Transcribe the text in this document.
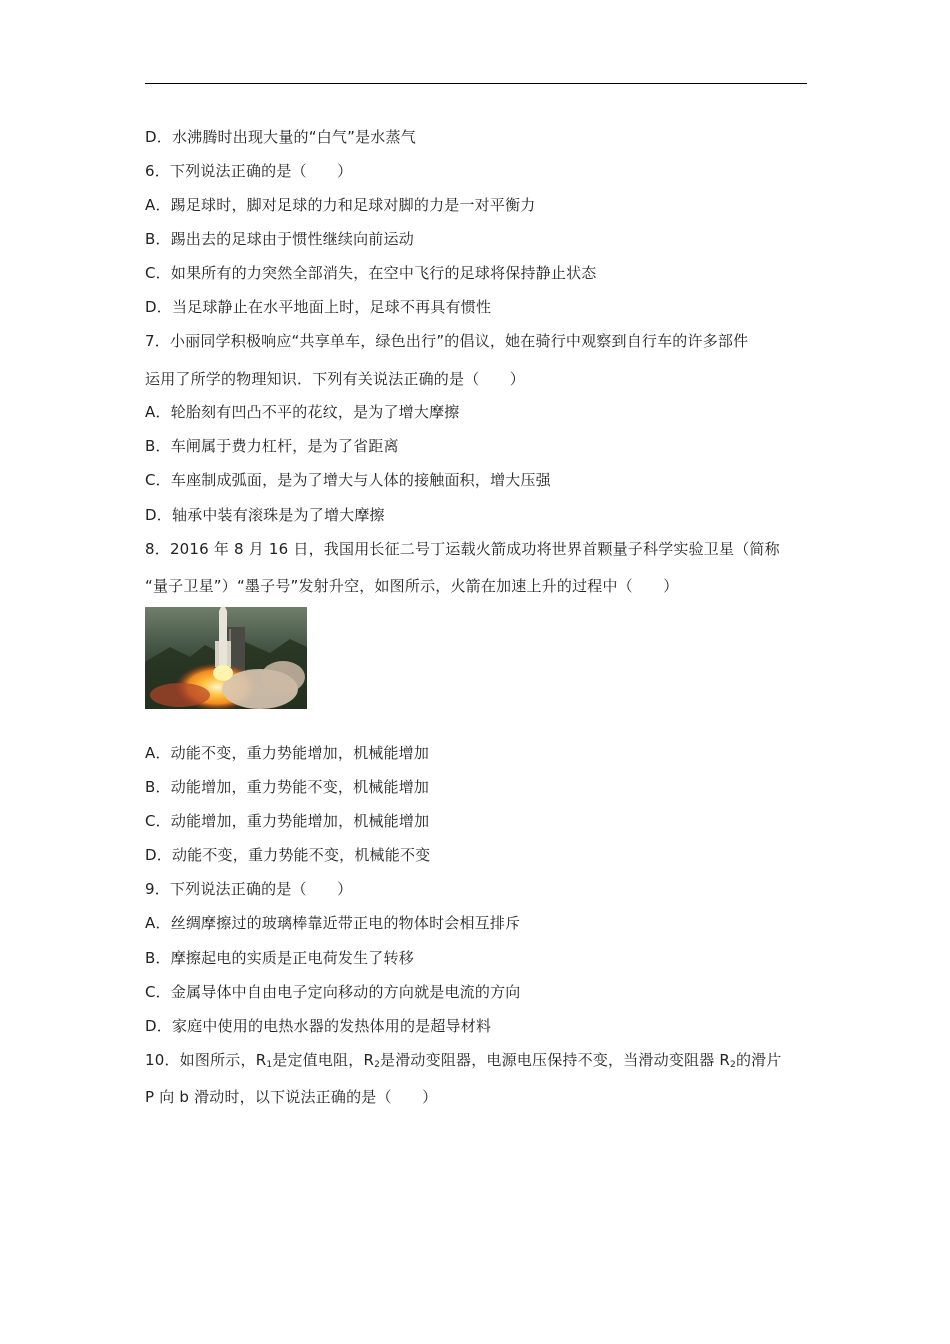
D．水沸腾时出现大量的“白气”是水蒸气
6．下列说法正确的是（　　）
A．踢足球时，脚对足球的力和足球对脚的力是一对平衡力
B．踢出去的足球由于惯性继续向前运动
C．如果所有的力突然全部消失，在空中飞行的足球将保持静止状态
D．当足球静止在水平地面上时，足球不再具有惯性
7．小丽同学积极响应“共享单车，绿色出行”的倡议，她在骑行中观察到自行车的许多部件
运用了所学的物理知识．下列有关说法正确的是（　　）
A．轮胎刻有凹凸不平的花纹，是为了增大摩擦
B．车闸属于费力杠杆，是为了省距离
C．车座制成弧面，是为了增大与人体的接触面积，增大压强
D．轴承中装有滚珠是为了增大摩擦
8．2016 年 8 月 16 日，我国用长征二号丁运载火箭成功将世界首颗量子科学实验卫星（简称
“量子卫星”）“墨子号”发射升空，如图所示，火箭在加速上升的过程中（　　）
A．动能不变，重力势能增加，机械能增加
B．动能增加，重力势能不变，机械能增加
C．动能增加，重力势能增加，机械能增加
D．动能不变，重力势能不变，机械能不变
9．下列说法正确的是（　　）
A．丝绸摩擦过的玻璃棒靠近带正电的物体时会相互排斥
B．摩擦起电的实质是正电荷发生了转移
C．金属导体中自由电子定向移动的方向就是电流的方向
D．家庭中使用的电热水器的发热体用的是超导材料
10．如图所示，$R_1$是定值电阻，$R_2$是滑动变阻器，电源电压保持不变，当滑动变阻器 $R_2$的滑片
P 向 b 滑动时，以下说法正确的是（　　）
